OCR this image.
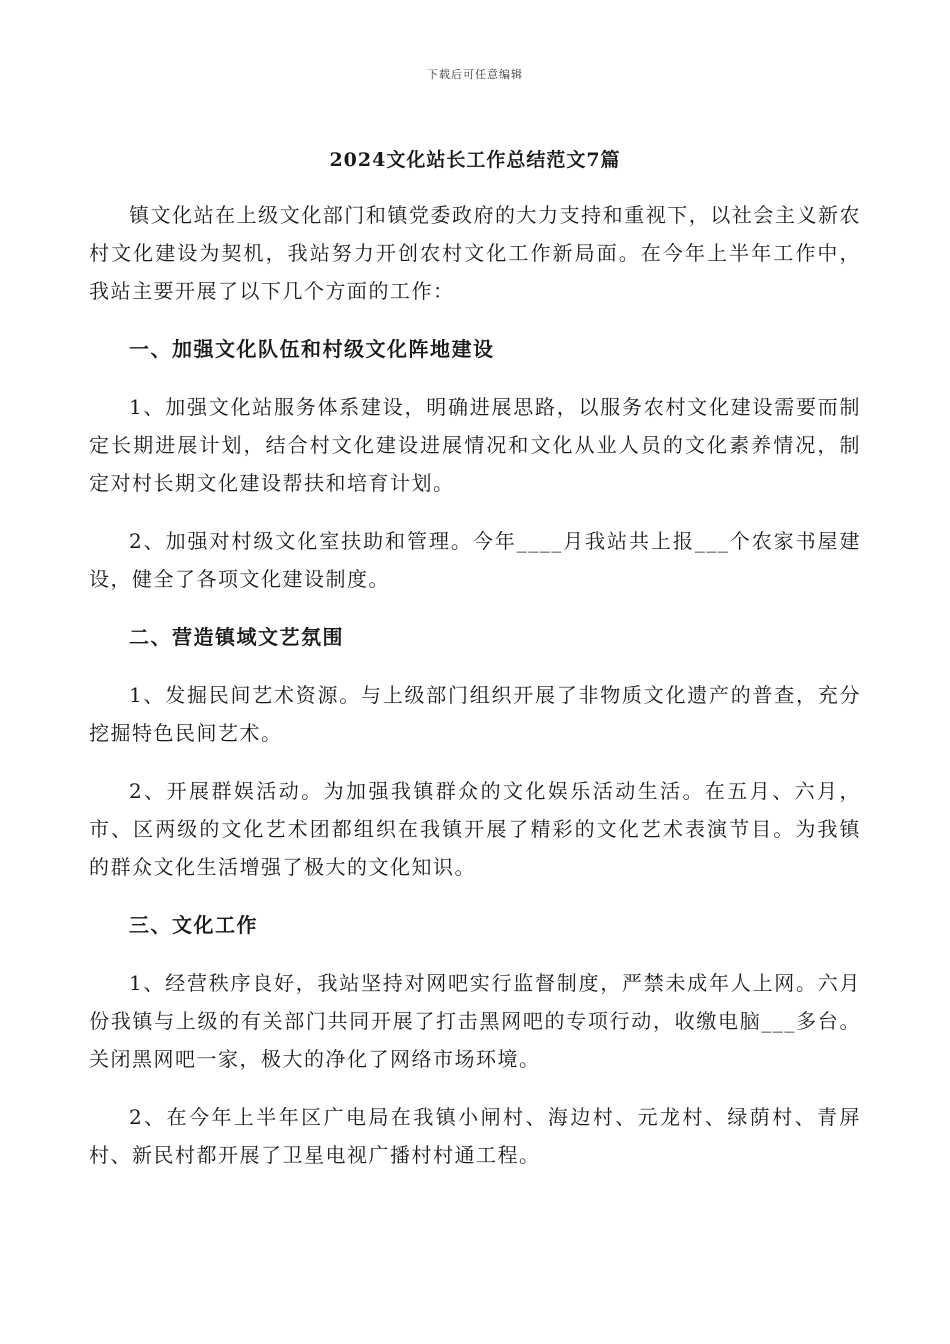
下载后可任意编辑
2024文化站长工作总结范文7篇

镇文化站在上级文化部门和镇党委政府的大力支持和重视下，以社会主义新农村文化建设为契机，我站努力开创农村文化工作新局面。在今年上半年工作中，我站主要开展了以下几个方面的工作：

一、加强文化队伍和村级文化阵地建设

1、加强文化站服务体系建设，明确进展思路，以服务农村文化建设需要而制定长期进展计划，结合村文化建设进展情况和文化从业人员的文化素养情况，制定对村长期文化建设帮扶和培育计划。

2、加强对村级文化室扶助和管理。今年____月我站共上报___个农家书屋建设，健全了各项文化建设制度。

二、营造镇域文艺氛围

1、发掘民间艺术资源。与上级部门组织开展了非物质文化遗产的普查，充分挖掘特色民间艺术。

2、开展群娱活动。为加强我镇群众的文化娱乐活动生活。在五月、六月，市、区两级的文化艺术团都组织在我镇开展了精彩的文化艺术表演节目。为我镇的群众文化生活增强了极大的文化知识。

三、文化工作

1、经营秩序良好，我站坚持对网吧实行监督制度，严禁未成年人上网。六月份我镇与上级的有关部门共同开展了打击黑网吧的专项行动，收缴电脑___多台。关闭黑网吧一家，极大的净化了网络市场环境。

2、在今年上半年区广电局在我镇小闸村、海边村、元龙村、绿荫村、青屏村、新民村都开展了卫星电视广播村村通工程。
